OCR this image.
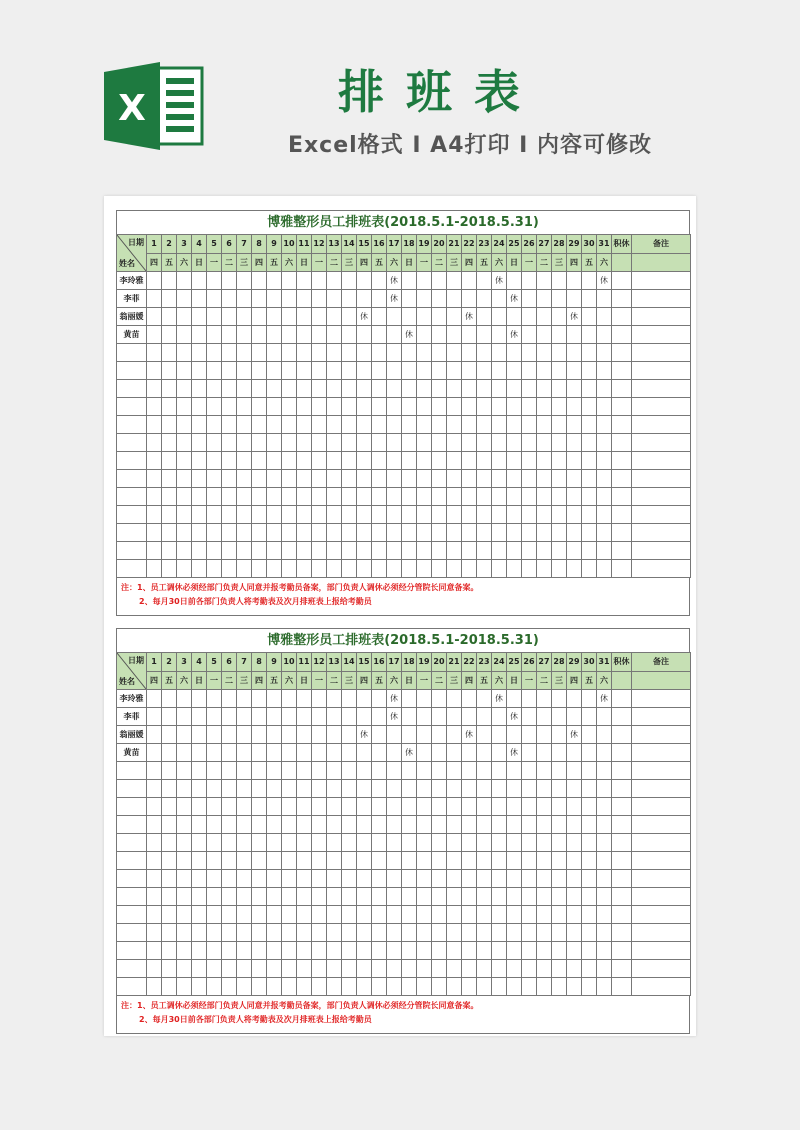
X	排班表
Excel格式 I A4打印 I 内容可修改
博雅整形员工排班表(2018.5.1-2018.5.31)
日期
姓名	1	2	3	4	5	6	7	8	9	10	11	12	13	14	15	16	17	18	19	20	21	22	23	24	25	26	27	28	29	30	31	积休	备注
	四	五	六	日	一	二	三	四	五	六	日	一	二	三	四	五	六	日	一	二	三	四	五	六	日	一	二	三	四	五	六		
李玲雅																	休							休							休		
李菲																	休								休								
翁丽媛															休							休							休				
黄苗																		休							休								

注：1、员工调休必须经部门负责人同意并报考勤员备案，部门负责人调休必须经分管院长同意备案。
2、每月30日前各部门负责人将考勤表及次月排班表上报给考勤员
博雅整形员工排班表(2018.5.1-2018.5.31)
日期
姓名	1	2	3	4	5	6	7	8	9	10	11	12	13	14	15	16	17	18	19	20	21	22	23	24	25	26	27	28	29	30	31	积休	备注
	四	五	六	日	一	二	三	四	五	六	日	一	二	三	四	五	六	日	一	二	三	四	五	六	日	一	二	三	四	五	六		
李玲雅																	休							休							休		
李菲																	休								休								
翁丽媛															休							休							休				
黄苗																		休							休								

注：1、员工调休必须经部门负责人同意并报考勤员备案，部门负责人调休必须经分管院长同意备案。
2、每月30日前各部门负责人将考勤表及次月排班表上报给考勤员
